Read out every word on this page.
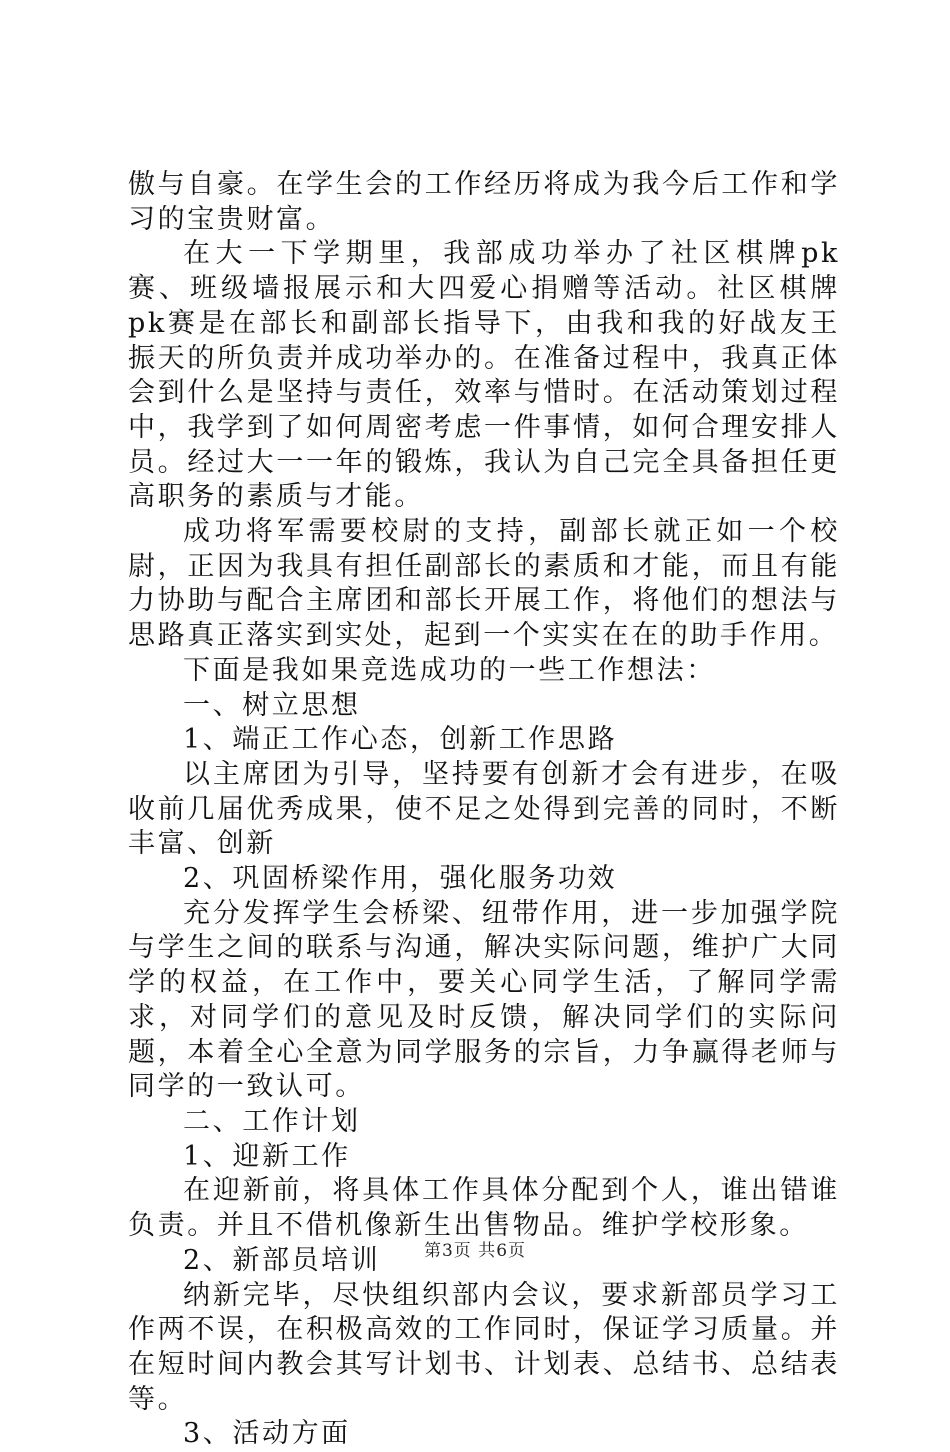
傲与自豪。在学生会的工作经历将成为我今后工作和学习的宝贵财富。

在大一下学期里，我部成功举办了社区棋牌pk赛、班级墙报展示和大四爱心捐赠等活动。社区棋牌pk赛是在部长和副部长指导下，由我和我的好战友王振天的所负责并成功举办的。在准备过程中，我真正体会到什么是坚持与责任，效率与惜时。在活动策划过程中，我学到了如何周密考虑一件事情，如何合理安排人员。经过大一一年的锻炼，我认为自己完全具备担任更高职务的素质与才能。

成功将军需要校尉的支持，副部长就正如一个校尉，正因为我具有担任副部长的素质和才能，而且有能力协助与配合主席团和部长开展工作，将他们的想法与思路真正落实到实处，起到一个实实在在的助手作用。

下面是我如果竞选成功的一些工作想法：

一、树立思想

1、端正工作心态，创新工作思路

以主席团为引导，坚持要有创新才会有进步，在吸收前几届优秀成果，使不足之处得到完善的同时，不断丰富、创新

2、巩固桥梁作用，强化服务功效

充分发挥学生会桥梁、纽带作用，进一步加强学院与学生之间的联系与沟通，解决实际问题，维护广大同学的权益，在工作中，要关心同学生活，了解同学需求，对同学们的意见及时反馈，解决同学们的实际问题，本着全心全意为同学服务的宗旨，力争赢得老师与同学的一致认可。

二、工作计划

1、迎新工作

在迎新前，将具体工作具体分配到个人，谁出错谁负责。并且不借机像新生出售物品。维护学校形象。

2、新部员培训

纳新完毕，尽快组织部内会议，要求新部员学习工作两不误，在积极高效的工作同时，保证学习质量。并在短时间内教会其写计划书、计划表、总结书、总结表等。

3、活动方面

第3页 共6页
